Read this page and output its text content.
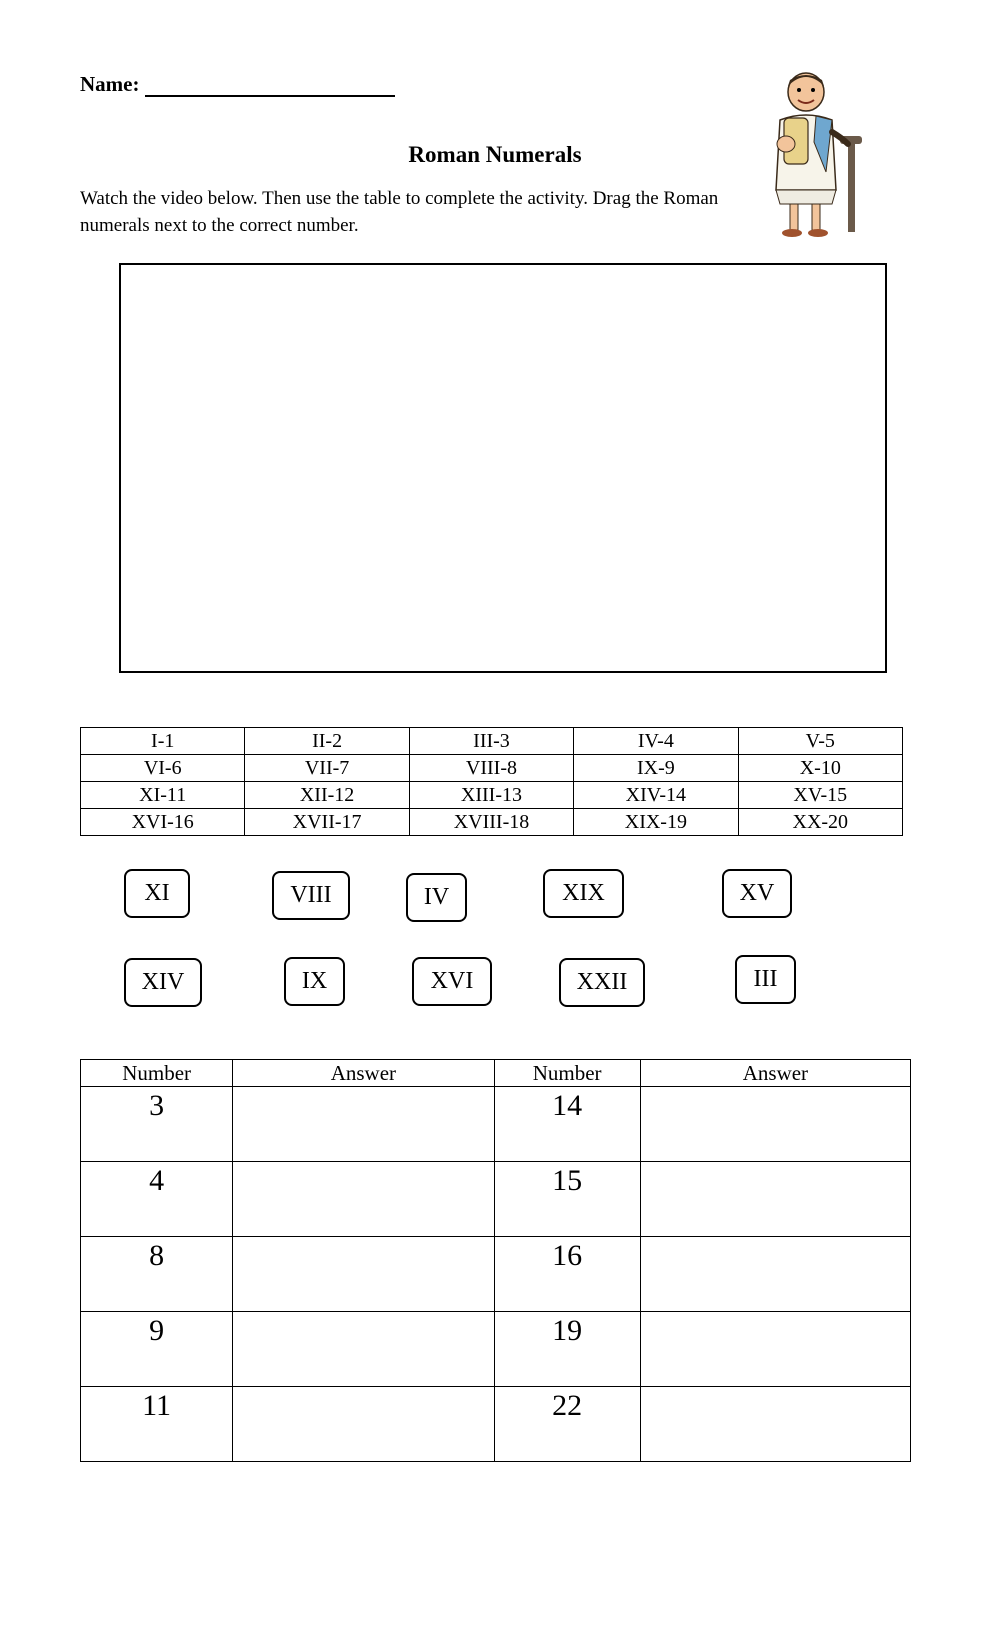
Name:
Roman Numerals
Watch the video below. Then use the table to complete the activity. Drag the Roman numerals next to the correct number.
I-1	II-2	III-3	IV-4	V-5
VI-6	VII-7	VIII-8	IX-9	X-10
XI-11	XII-12	XIII-13	XIV-14	XV-15
XVI-16	XVII-17	XVIII-18	XIX-19	XX-20
XI	VIII	IV	XIX	XV
XIV	IX	XVI	XXII	III
Number	Answer	Number	Answer
3		14	
4		15	
8		16	
9		19	
11		22	
